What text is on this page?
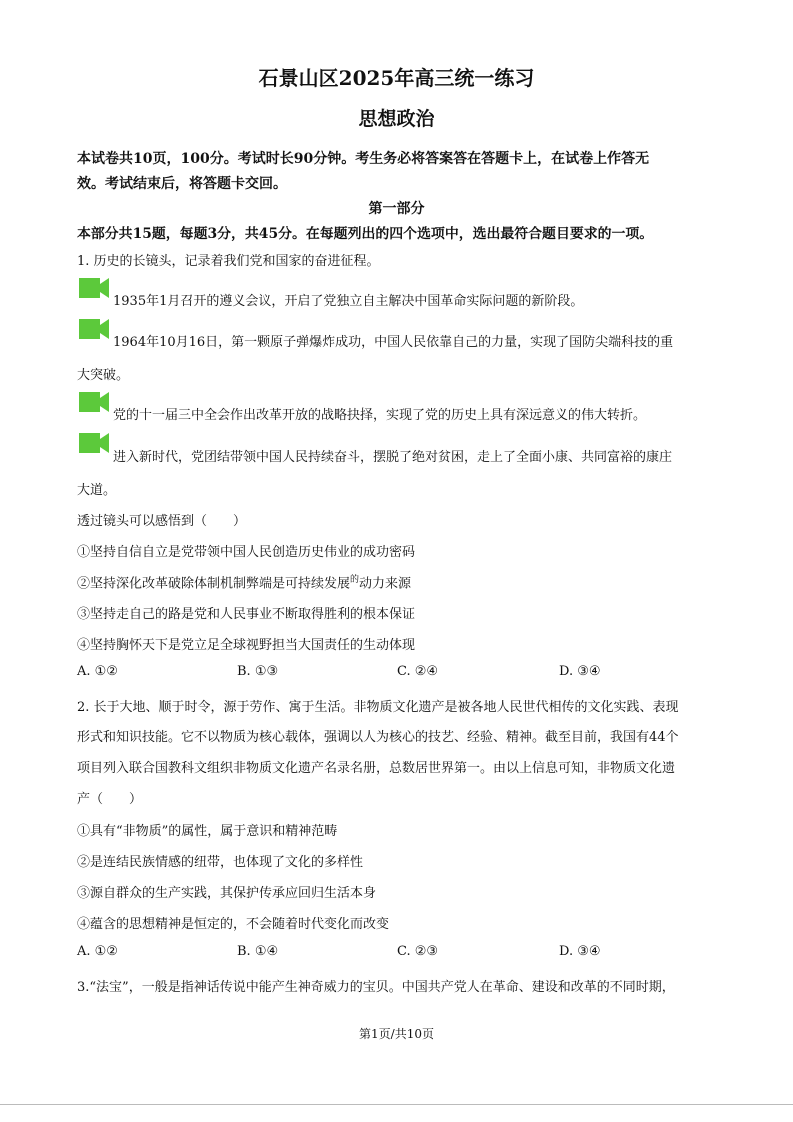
石景山区2025年高三统一练习
思想政治
本试卷共10页，100分。考试时长90分钟。考生务必将答案答在答题卡上，在试卷上作答无
效。考试结束后，将答题卡交回。
第一部分
本部分共15题，每题3分，共45分。在每题列出的四个选项中，选出最符合题目要求的一项。
1. 历史的长镜头，记录着我们党和国家的奋进征程。
1935年1月召开的遵义会议，开启了党独立自主解决中国革命实际问题的新阶段。
1964年10月16日，第一颗原子弹爆炸成功，中国人民依靠自己的力量，实现了国防尖端科技的重
大突破。
党的十一届三中全会作出改革开放的战略抉择，实现了党的历史上具有深远意义的伟大转折。
进入新时代，党团结带领中国人民持续奋斗，摆脱了绝对贫困，走上了全面小康、共同富裕的康庄
大道。
透过镜头可以感悟到（　　）
①坚持自信自立是党带领中国人民创造历史伟业的成功密码
②坚持深化改革破除体制机制弊端是可持续发展$^的$动力来源
③坚持走自己的路是党和人民事业不断取得胜利的根本保证
④坚持胸怀天下是党立足全球视野担当大国责任的生动体现
A. ①②	B. ①③	C. ②④	D. ③④
2. 长于大地、顺于时令，源于劳作、寓于生活。非物质文化遗产是被各地人民世代相传的文化实践、表现
形式和知识技能。它不以物质为核心载体，强调以人为核心的技艺、经验、精神。截至目前，我国有44个
项目列入联合国教科文组织非物质文化遗产名录名册，总数居世界第一。由以上信息可知，非物质文化遗
产（　　）
①具有“非物质”的属性，属于意识和精神范畴
②是连结民族情感的纽带，也体现了文化的多样性
③源自群众的生产实践，其保护传承应回归生活本身
④蕴含的思想精神是恒定的，不会随着时代变化而改变
A. ①②	B. ①④	C. ②③	D. ③④
3.“法宝”，一般是指神话传说中能产生神奇威力的宝贝。中国共产党人在革命、建设和改革的不同时期，
第1页/共10页
